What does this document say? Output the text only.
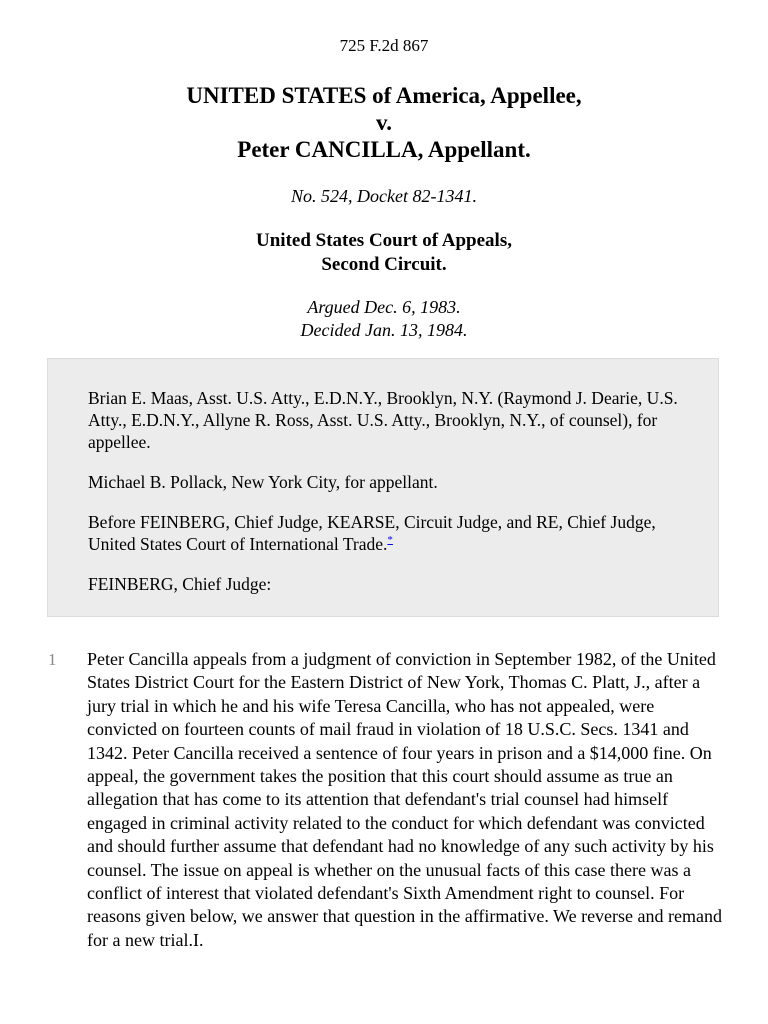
725 F.2d 867
UNITED STATES of America, Appellee,
v.
Peter CANCILLA, Appellant.
No. 524, Docket 82-1341.
United States Court of Appeals,
Second Circuit.
Argued Dec. 6, 1983.
Decided Jan. 13, 1984.

Brian E. Maas, Asst. U.S. Atty., E.D.N.Y., Brooklyn, N.Y. (Raymond J. Dearie, U.S. Atty., E.D.N.Y., Allyne R. Ross, Asst. U.S. Atty., Brooklyn, N.Y., of counsel), for appellee.

Michael B. Pollack, New York City, for appellant.

Before FEINBERG, Chief Judge, KEARSE, Circuit Judge, and RE, Chief Judge, United States Court of International Trade.*

FEINBERG, Chief Judge:

1 Peter Cancilla appeals from a judgment of conviction in September 1982, of the United States District Court for the Eastern District of New York, Thomas C. Platt, J., after a jury trial in which he and his wife Teresa Cancilla, who has not appealed, were convicted on fourteen counts of mail fraud in violation of 18 U.S.C. Secs. 1341 and 1342. Peter Cancilla received a sentence of four years in prison and a $14,000 fine. On appeal, the government takes the position that this court should assume as true an allegation that has come to its attention that defendant's trial counsel had himself engaged in criminal activity related to the conduct for which defendant was convicted and should further assume that defendant had no knowledge of any such activity by his counsel. The issue on appeal is whether on the unusual facts of this case there was a conflict of interest that violated defendant's Sixth Amendment right to counsel. For reasons given below, we answer that question in the affirmative. We reverse and remand for a new trial.I.
